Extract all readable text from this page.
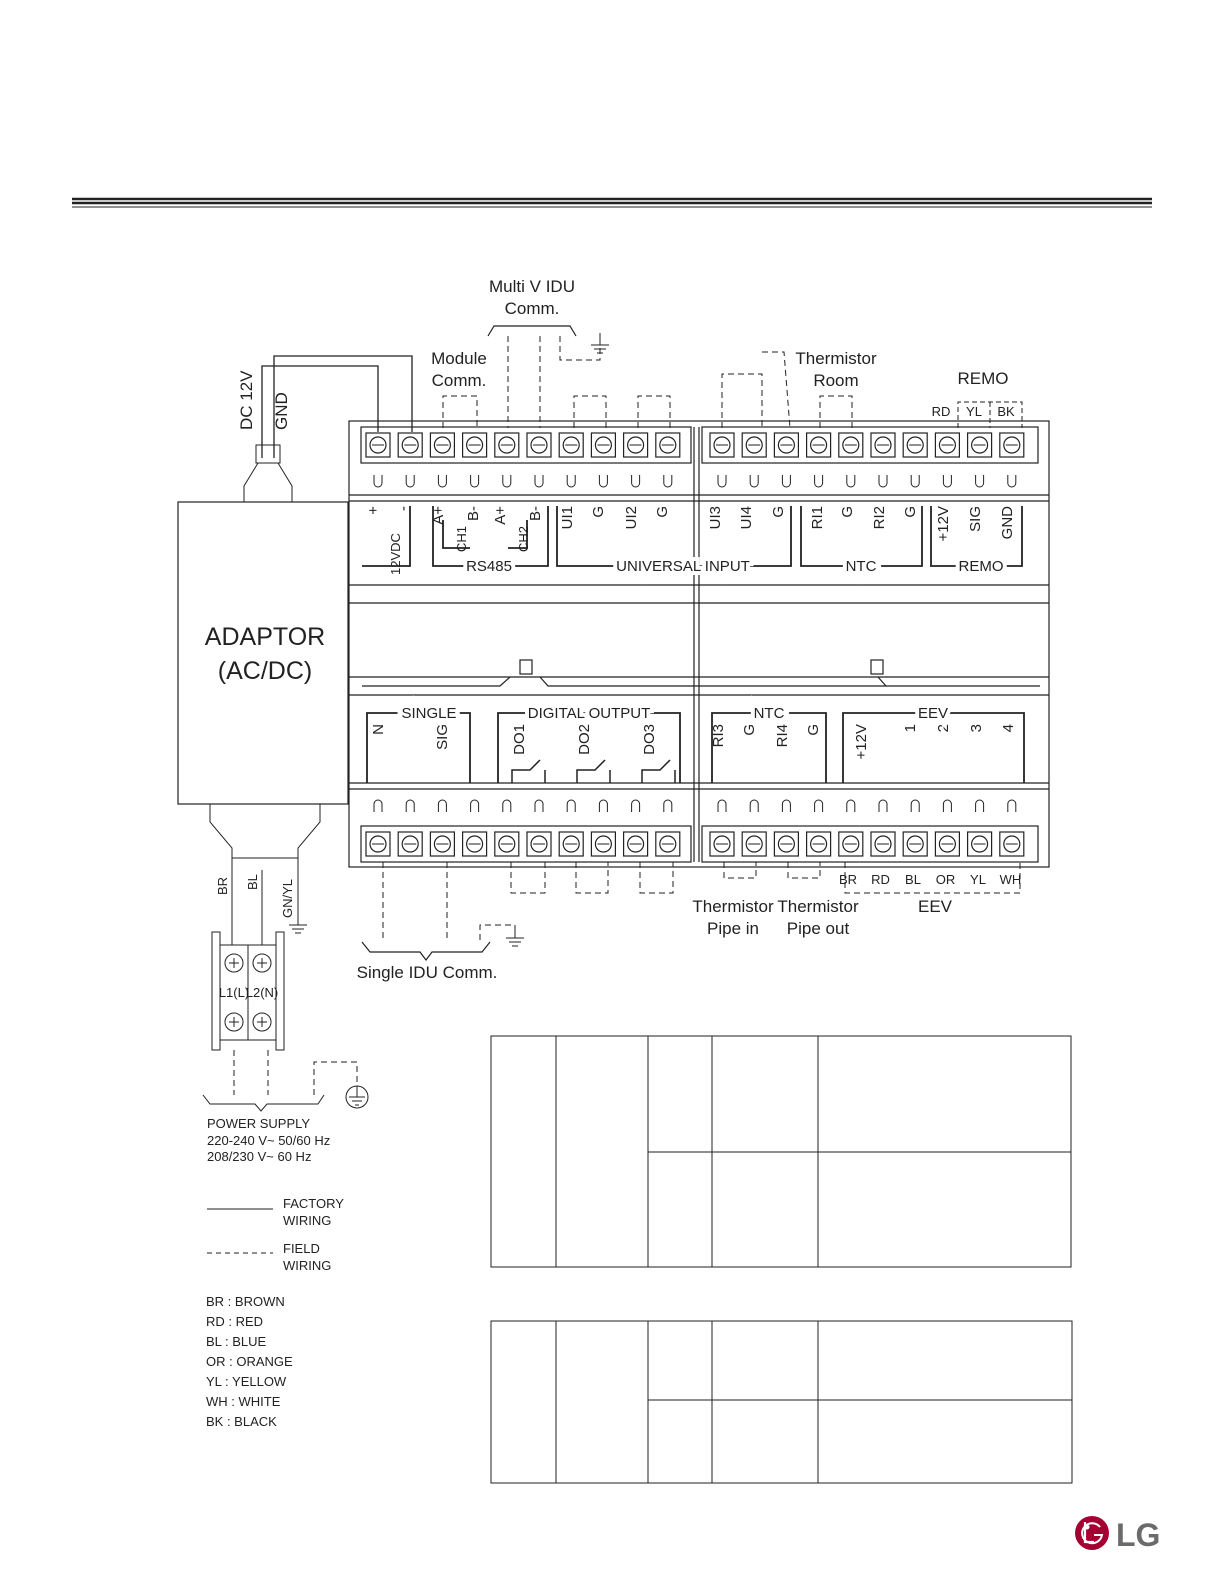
Multi V IDU
Comm.
Module
Comm.
Thermistor
Room	REMO
RD YL BK
DC 12V GND
ADAPTOR
(AC/DC)
+ - A+ B- A+ B- UI1 G UI2 G UI3 UI4 G RI1 G RI2 G +12V SIG GND
N	SIG	DO1	DO2	DO3	RI3 G RI4 G +12V 1 2 3 4
RS485	UNIVERSAL INPUT	NTC	REMO
12VDC	CH1	CH2
SINGLE	DIGITAL OUTPUT	NTC	EEV
Single IDU Comm.
BR RD BL OR YL WH
EEV
Thermistor
Pipe in
Thermistor
Pipe out
BR BL GN/YL
L1(L)
L2(N)
LG
POWER SUPPLY
220-240 V~ 50/60 Hz
208/230 V~ 60 Hz
FACTORY
WIRING
FIELD
WIRING
BR : BROWN
RD : RED
BL : BLUE
OR : ORANGE
YL : YELLOW
WH : WHITE
BK : BLACK
